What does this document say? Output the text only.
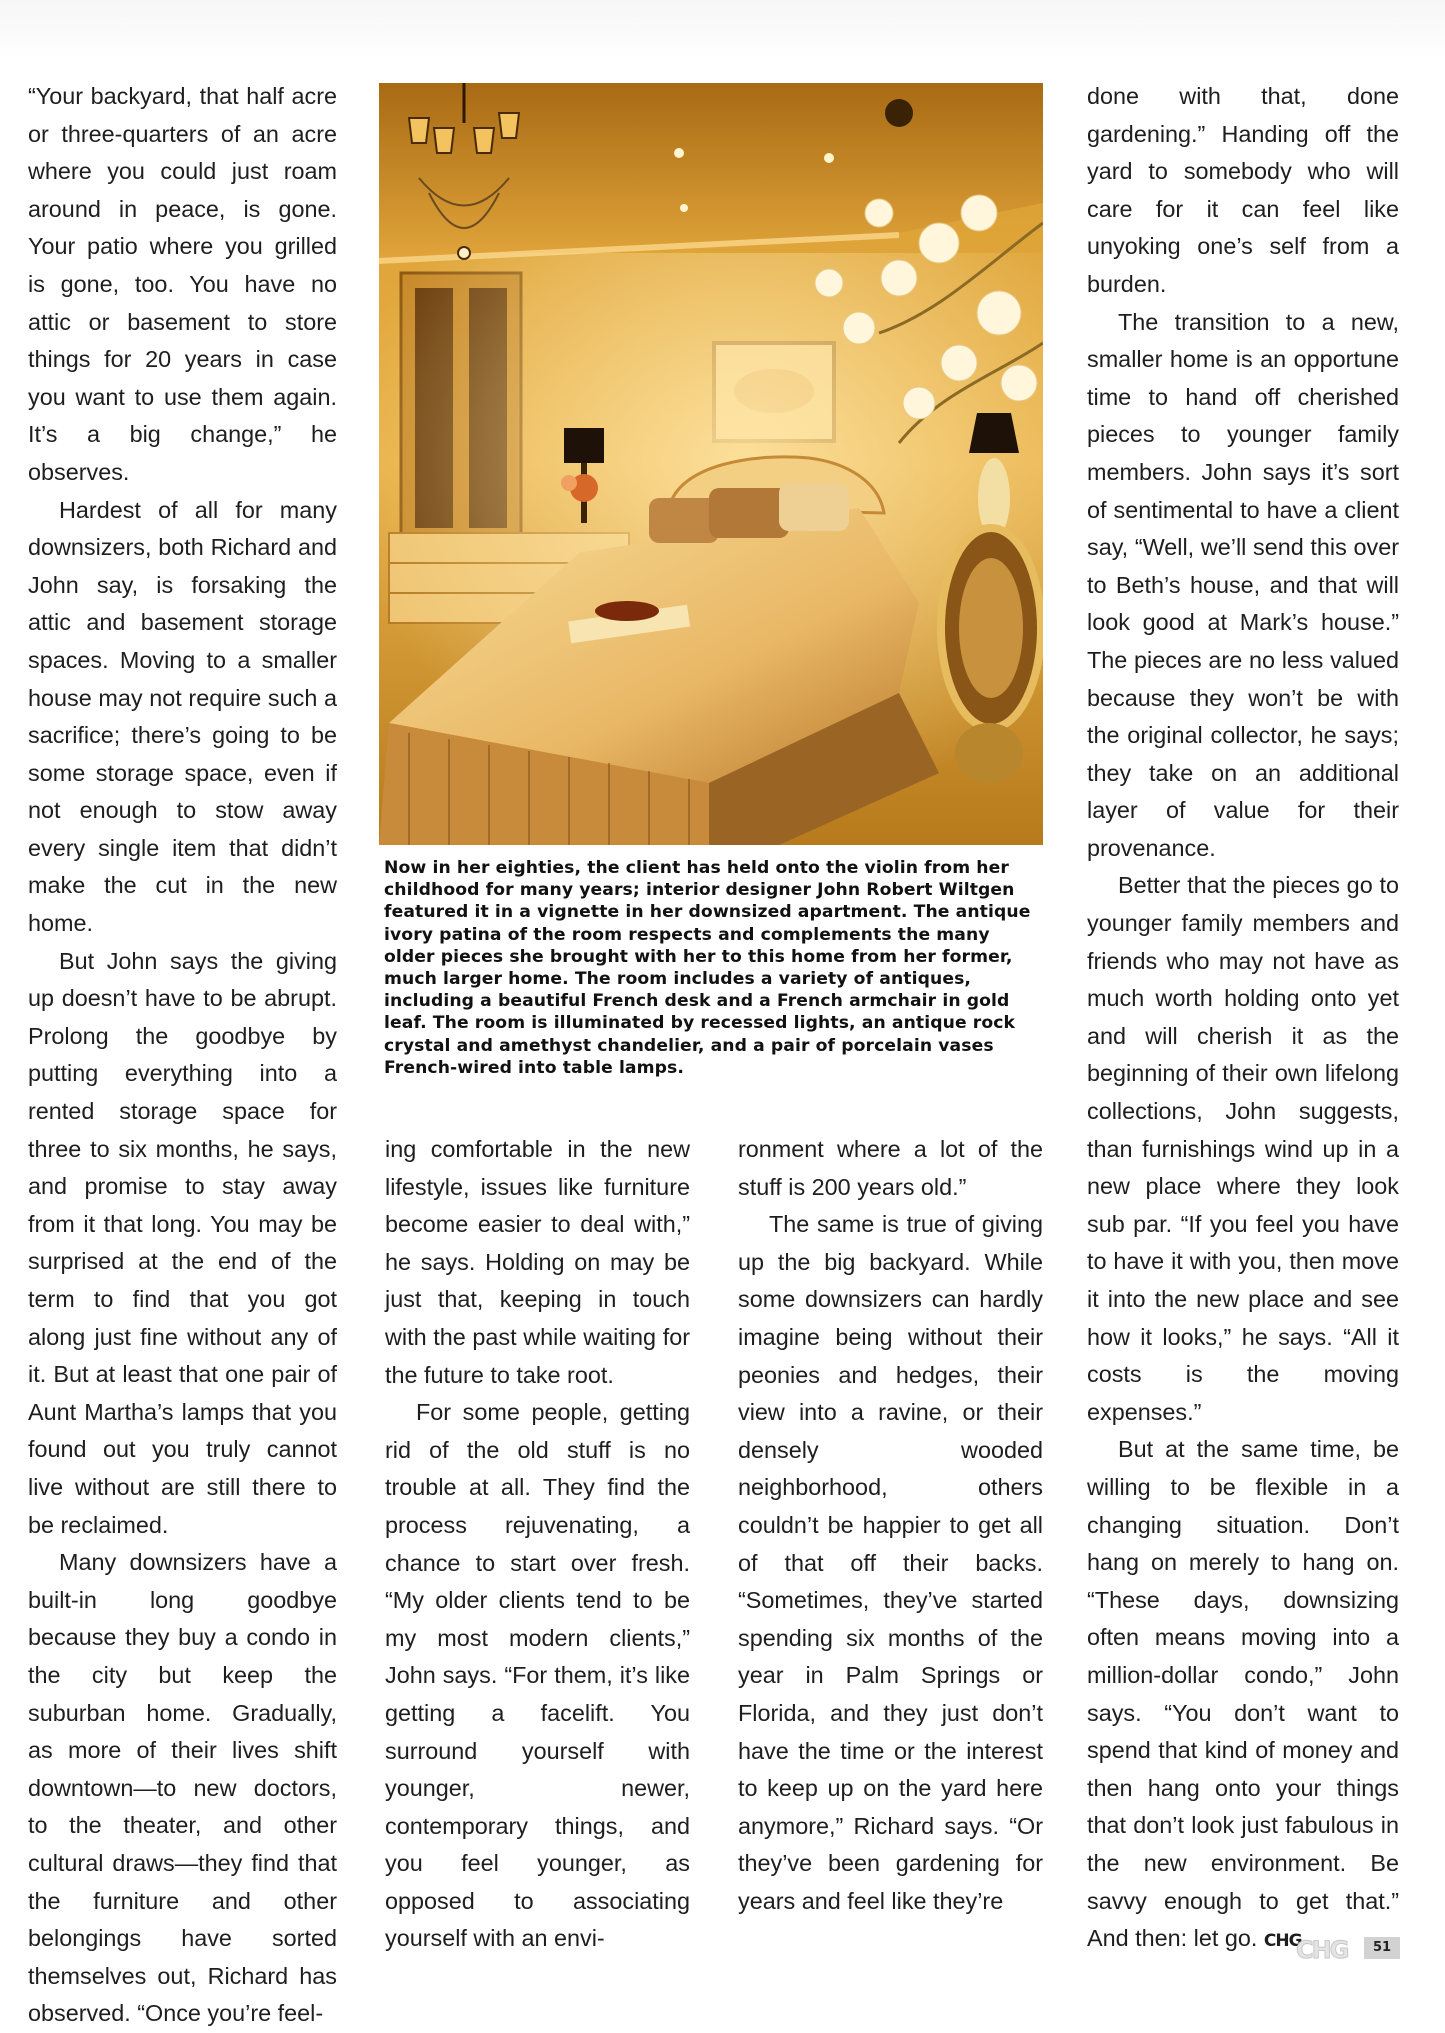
“Your backyard, that half acre or three-quarters of an acre where you could just roam around in peace, is gone. Your patio where you grilled is gone, too. You have no attic or basement to store things for 20 years in case you want to use them again. It’s a big change,” he observes.

Hardest of all for many downsizers, both Richard and John say, is forsaking the attic and basement storage spaces. Moving to a smaller house may not require such a sacrifice; there’s going to be some storage space, even if not enough to stow away every single item that didn’t make the cut in the new home.

But John says the giving up doesn’t have to be abrupt. Prolong the goodbye by putting everything into a rented storage space for three to six months, he says, and promise to stay away from it that long. You may be surprised at the end of the term to find that you got along just fine without any of it. But at least that one pair of Aunt Martha’s lamps that you found out you truly cannot live without are still there to be reclaimed.

Many downsizers have a built-in long goodbye because they buy a condo in the city but keep the suburban home. Gradually, as more of their lives shift downtown—to new doctors, to the theater, and other cultural draws—they find that the furniture and other belongings have sorted themselves out, Richard has observed. “Once you’re feel-

Now in her eighties, the client has held onto the violin from her childhood for many years; interior designer John Robert Wiltgen featured it in a vignette in her downsized apartment. The antique ivory patina of the room respects and complements the many older pieces she brought with her to this home from her former, much larger home. The room includes a variety of antiques, including a beautiful French desk and a French armchair in gold leaf. The room is illuminated by recessed lights, an antique rock crystal and amethyst chandelier, and a pair of porcelain vases French-wired into table lamps.

ing comfortable in the new lifestyle, issues like furniture become easier to deal with,” he says. Holding on may be just that, keeping in touch with the past while waiting for the future to take root.

For some people, getting rid of the old stuff is no trouble at all. They find the process rejuvenating, a chance to start over fresh. “My older clients tend to be my most modern clients,” John says. “For them, it’s like getting a facelift. You surround yourself with younger, newer, contemporary things, and you feel younger, as opposed to associating yourself with an envi-

ronment where a lot of the stuff is 200 years old.”

The same is true of giving up the big backyard. While some downsizers can hardly imagine being without their peonies and hedges, their view into a ravine, or their densely wooded neighborhood, others couldn’t be happier to get all of that off their backs. “Sometimes, they’ve started spending six months of the year in Palm Springs or Florida, and they just don’t have the time or the interest to keep up on the yard here anymore,” Richard says. “Or they’ve been gardening for years and feel like they’re

done with that, done gardening.” Handing off the yard to somebody who will care for it can feel like unyoking one’s self from a burden.

The transition to a new, smaller home is an opportune time to hand off cherished pieces to younger family members. John says it’s sort of sentimental to have a client say, “Well, we’ll send this over to Beth’s house, and that will look good at Mark’s house.” The pieces are no less valued because they won’t be with the original collector, he says; they take on an additional layer of value for their provenance.

Better that the pieces go to younger family members and friends who may not have as much worth holding onto yet and will cherish it as the beginning of their own lifelong collections, John suggests, than furnishings wind up in a new place where they look sub par. “If you feel you have to have it with you, then move it into the new place and see how it looks,” he says. “All it costs is the moving expenses.”

But at the same time, be willing to be flexible in a changing situation. Don’t hang on merely to hang on. “These days, downsizing often means moving into a million-dollar condo,” John says. “You don’t want to spend that kind of money and then hang onto your things that don’t look just fabulous in the new environment. Be savvy enough to get that.” And then: let go. CHG

CHG	51
